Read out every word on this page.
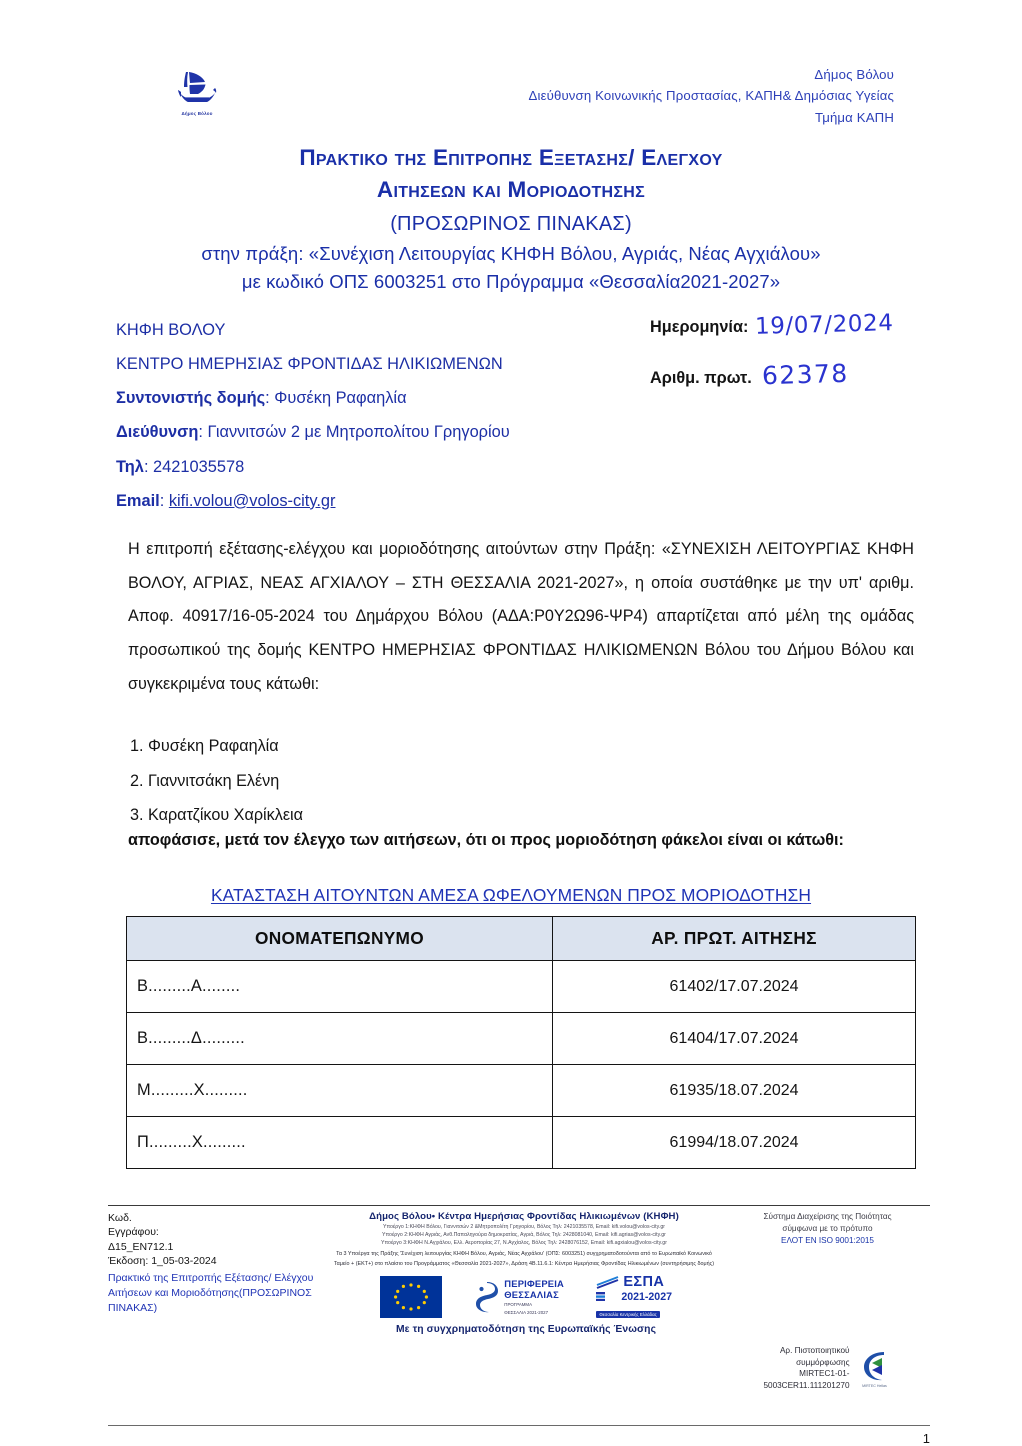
Δήμος Βόλου
Δήμος Βόλου
Διεύθυνση Κοινωνικής Προστασίας, ΚΑΠΗ& Δημόσιας Υγείας
Τμήμα ΚΑΠΗ
Πρακτικο της Επιτροπης Εξετασης/ Ελεγχου
Αιτησεων και Μοριοδοτησης
(ΠΡΟΣΩΡΙΝΟΣ ΠΙΝΑΚΑΣ)
στην πράξη: «Συνέχιση Λειτουργίας ΚΗΦΗ Βόλου, Αγριάς, Νέας Αγχιάλου»
με κωδικό ΟΠΣ 6003251 στο Πρόγραμμα «Θεσσαλία2021-2027»
ΚΗΦΗ ΒΟΛΟΥ
ΚΕΝΤΡΟ ΗΜΕΡΗΣΙΑΣ ΦΡΟΝΤΙΔΑΣ ΗΛΙΚΙΩΜΕΝΩΝ
Συντονιστής δομής: Φυσέκη Ραφαηλία
Διεύθυνση: Γιαννιτσών 2 με Μητροπολίτου Γρηγορίου
Τηλ: 2421035578
Email: kifi.volou@volos-city.gr
Ημερομηνία: 19/07/2024
Αριθμ. πρωτ. 62378

Η επιτροπή εξέτασης-ελέγχου και μοριοδότησης αιτούντων στην Πράξη: «ΣΥΝΕΧΙΣΗ ΛΕΙΤΟΥΡΓΙΑΣ ΚΗΦΗ ΒΟΛΟΥ, ΑΓΡΙΑΣ, ΝΕΑΣ ΑΓΧΙΑΛΟΥ – ΣΤΗ ΘΕΣΣΑΛΙΑ 2021-2027», η οποία συστάθηκε με την υπ' αριθμ. Αποφ. 40917/16-05-2024 του Δημάρχου Βόλου (ΑΔΑ:Ρ0Υ2Ω96-ΨΡ4) απαρτίζεται από μέλη της ομάδας προσωπικού της δομής ΚΕΝΤΡΟ ΗΜΕΡΗΣΙΑΣ ΦΡΟΝΤΙΔΑΣ ΗΛΙΚΙΩΜΕΝΩΝ Βόλου του Δήμου Βόλου και συγκεκριμένα τους κάτωθι:

1. Φυσέκη Ραφαηλία
2. Γιαννιτσάκη Ελένη
3. Καρατζίκου Χαρίκλεια
αποφάσισε, μετά τον έλεγχο των αιτήσεων, ότι οι προς μοριοδότηση φάκελοι είναι οι κάτωθι:
ΚΑΤΑΣΤΑΣΗ ΑΙΤΟΥΝΤΩΝ ΑΜΕΣΑ ΩΦΕΛΟΥΜΕΝΩΝ ΠΡΟΣ ΜΟΡΙΟΔΟΤΗΣΗ
ΟΝΟΜΑΤΕΠΩΝΥΜΟ	ΑΡ. ΠΡΩΤ. ΑΙΤΗΣΗΣ
Β.........Α........	61402/17.07.2024
Β.........Δ.........	61404/17.07.2024
Μ.........Χ.........	61935/18.07.2024
Π.........Χ.........	61994/18.07.2024
Κωδ.
Εγγράφου:
Δ15_ΕΝ712.1
Έκδοση: 1_05-03-2024
Πρακτικό της Επιτροπής Εξέτασης/ Ελέγχου Αιτήσεων και Μοριοδότησης(ΠΡΟΣΩΡΙΝΟΣ ΠΙΝΑΚΑΣ)
Δήμος Βόλου• Κέντρα Ημερήσιας Φροντίδας Ηλικιωμένων (ΚΗΦΗ)
Υποέργο 1:ΚΗΦΗ Βόλου, Γιαννιτσών 2 &Μητροπολίτη Γρηγορίου, Βόλος Τηλ: 2421035578, Email: kifi.volou@volos-city.gr
Υποέργο 2:ΚΗΦΗ Αγριάς, Ανθ.Παπαληγούρα δημοκρατίας, Αγριά, Βόλος Τηλ: 2428081040, Email: kifi.agrias@volos-city.gr
Υποέργο 3:ΚΗΦΗ Ν.Αγχιάλου, Ελλ. Αεροπορίας 27, Ν.Αγχίαλος, Βόλος Τηλ: 2428076152, Email: kifi.agxialou@volos-city.gr
Τα 3 Υποέργα της Πράξης 'Συνέχιση λειτουργίας ΚΗΦΗ Βόλου, Αγριάς, Νέας Αγχιάλου' (ΟΠΣ: 6003251) συγχρηματοδοτούνται από το Ευρωπαϊκό Κοινωνικό
Ταμείο + (ΕΚΤ+) στο πλαίσιο του Προγράμματος «Θεσσαλία 2021-2027», Δράση 4Β.11.6.1: Κέντρα Ημερήσιας Φροντίδας Ηλικιωμένων (συντηρήσιμης δομής)
Σύστημα Διαχείρισης της Ποιότητας
σύμφωνα με το πρότυπο
ΕΛΟΤ ΕΝ ISO 9001:2015
ΠΕΡΙΦΕΡΕΙΑ
ΘΕΣΣΑΛΙΑΣ
ΠΡΟΓΡΑΜΜΑ
ΘΕΣΣΑΛΙΑ 2021-2027
ΕΣΠΑ
2021-2027
Θεσσαλία Κεντρικής Ελλάδας
Με τη συγχρηματοδότηση της Ευρωπαϊκής Ένωσης
Αρ. Πιστοποιητικού
συμμόρφωσης
MIRTEC1-01-
5003CER11.111201270	MIRTEC Hellas
1
